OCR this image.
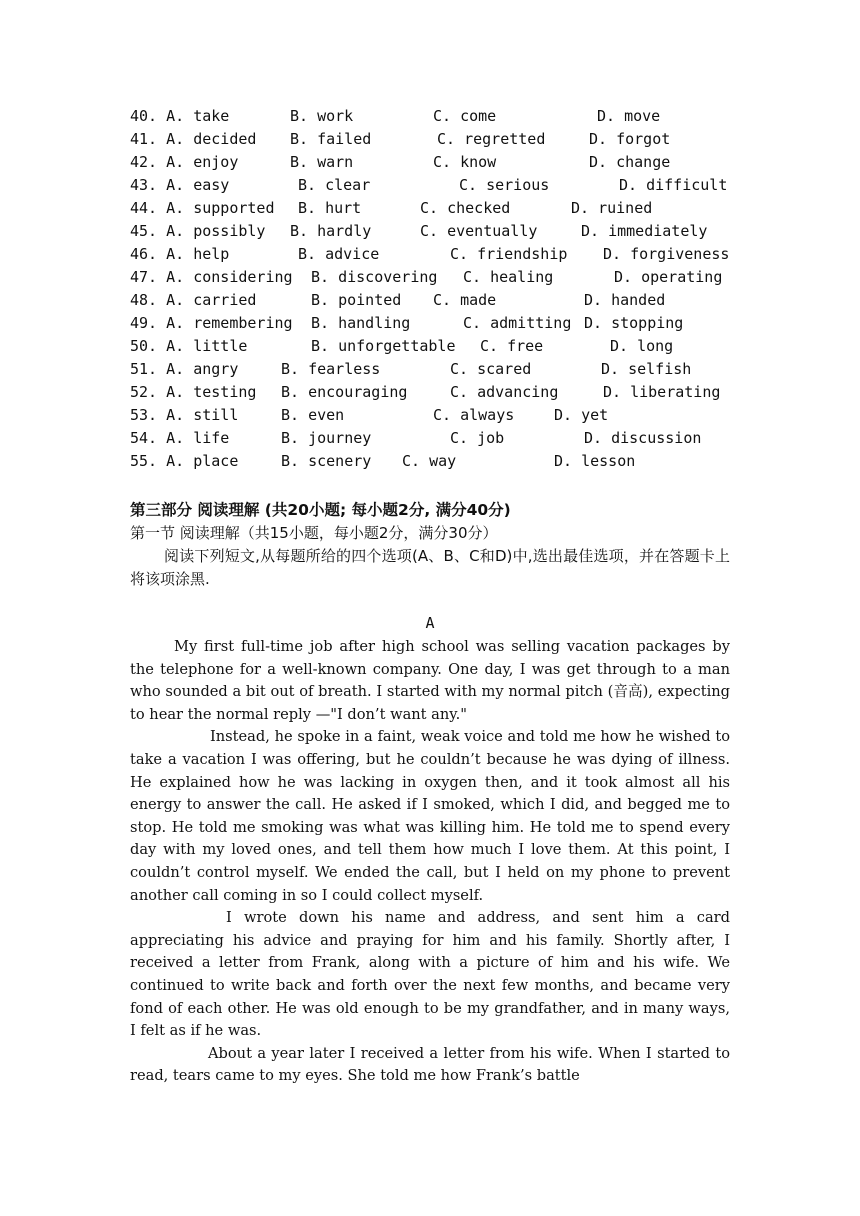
40. A. take	B. work	C. come	D. move
41. A. decided B. failed	C. regretted	D. forgot
42. A. enjoy	B. warn	C. know	D. change
43. A. easy	B. clear	C. serious	D. difficult
44. A. supported B. hurt	C. checked	D. ruined
45. A. possibly B. hardly	C. eventually	D. immediately
46. A. help	B. advice	C. friendship D. forgiveness
47. A. considering B. discovering C. healing	D. operating
48. A. carried	B. pointed C. made	D. handed
49. A. remembering B. handling	C. admitting D. stopping
50. A. little	B. unforgettable C. free	D. long
51. A. angry	B. fearless	C. scared	D. selfish
52. A. testing B. encouraging	C. advancing	D. liberating
53. A. still	B. even	C. always	D. yet
54. A. life	B. journey	C. job	D. discussion
55. A. place	B. scenery C. way	D. lesson
第三部分 阅读理解 (共20小题; 每小题2分, 满分40分)
第一节 阅读理解（共15小题，每小题2分，满分30分）
阅读下列短文,从每题所给的四个选项(A、B、C和D)中,选出最佳选项，并在答题卡上将该项涂黑.
A

My first full-time job after high school was selling vacation packages by the telephone for a well-known company. One day, I was get through to a man who sounded a bit out of breath. I started with my normal pitch (音高), expecting to hear the normal reply —"I don’t want any."

Instead, he spoke in a faint, weak voice and told me how he wished to take a vacation I was offering, but he couldn’t because he was dying of illness. He explained how he was lacking in oxygen then, and it took almost all his energy to answer the call. He asked if I smoked, which I did, and begged me to stop. He told me smoking was what was killing him. He told me to spend every day with my loved ones, and tell them how much I love them. At this point, I couldn’t control myself. We ended the call, but I held on my phone to prevent another call coming in so I could collect myself.

I wrote down his name and address, and sent him a card appreciating his advice and praying for him and his family. Shortly after, I received a letter from Frank, along with a picture of him and his wife. We continued to write back and forth over the next few months, and became very fond of each other. He was old enough to be my grandfather, and in many ways, I felt as if he was.

About a year later I received a letter from his wife. When I started to read, tears came to my eyes. She told me how Frank’s battle
